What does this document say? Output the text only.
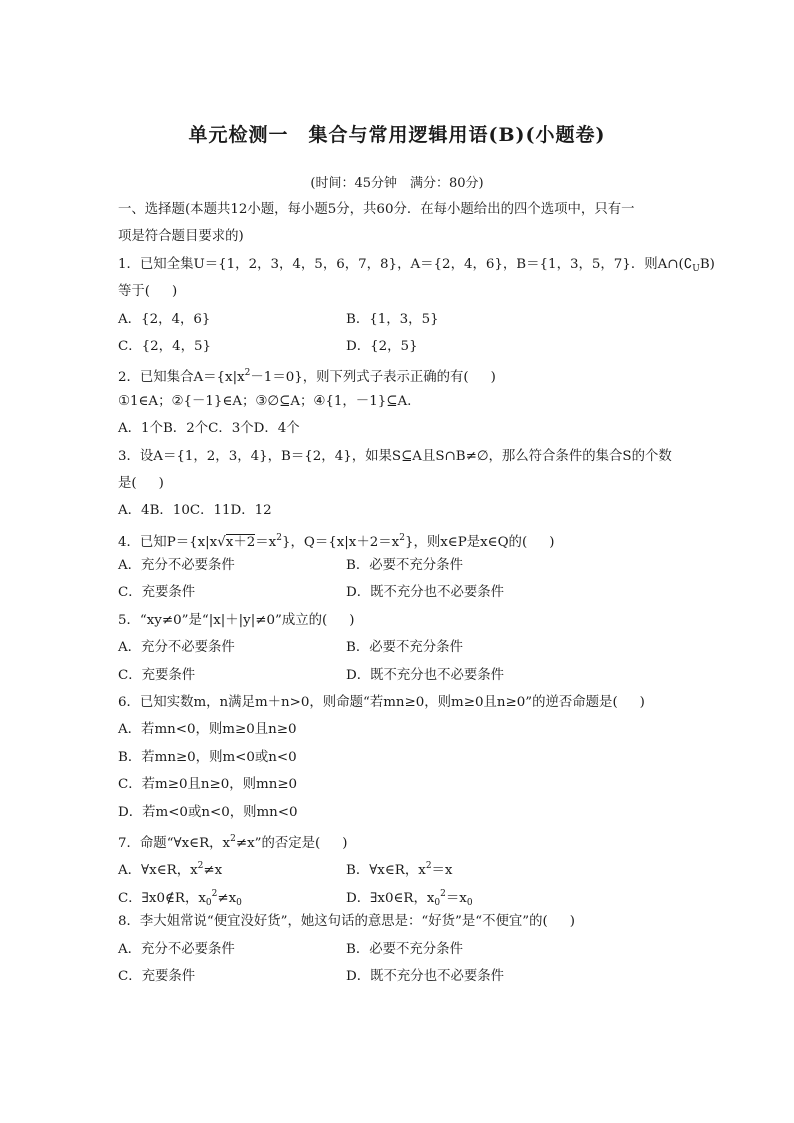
单元检测一　集合与常用逻辑用语(B)(小题卷)
(时间：45分钟　满分：80分)
一、选择题(本题共12小题，每小题5分，共60分．在每小题给出的四个选项中，只有一
项是符合题目要求的)
1．已知全集U＝{1，2，3，4，5，6，7，8}，A＝{2，4，6}，B＝{1，3，5，7}．则$A\cap(∁_UB)$
等于( )
A．{2，4，6}	B．{1，3，5}
C．{2，4，5}	D．{2，5}
2．已知集合$A=\{x|x^2-1=0\}$，则下列式子表示正确的有( )
①1∈A；②{－1}∈A；③∅⊆A；④{1，－1}⊆A.
A．1个B．2个C．3个D．4个
3．设A＝{1，2，3，4}，B＝{2，4}，如果S⊆A且S∩B≠∅，那么符合条件的集合S的个数
是( )
A．4B．10C．11D．12
4．已知$P=\{x|x√x+2=x^2\}$，$Q=\{x|x+2=x^2\}$，则x∈P是x∈Q的( )
A．充分不必要条件	B．必要不充分条件
C．充要条件	D．既不充分也不必要条件
5．“xy≠0”是“|x|＋|y|≠0”成立的( )
A．充分不必要条件	B．必要不充分条件
C．充要条件	D．既不充分也不必要条件
6．已知实数m，n满足m＋n>0，则命题“若mn≥0，则m≥0且n≥0”的逆否命题是( )
A．若mn<0，则m≥0且n≥0
B．若mn≥0，则m<0或n<0
C．若m≥0且n≥0，则mn≥0
D．若m<0或n<0，则mn<0
7．命题“∀x∈R，$x^2\ne x$”的否定是( )
A．∀x∈R，$x^2\ne x$	B．∀x∈R，$x^2=x$
C．∃x0∉R，$x_0^2\ne x_0$	D．∃x0∈R，$x_0^2=x_0$
8．李大姐常说“便宜没好货”，她这句话的意思是：“好货”是“不便宜”的( )
A．充分不必要条件	B．必要不充分条件
C．充要条件	D．既不充分也不必要条件
